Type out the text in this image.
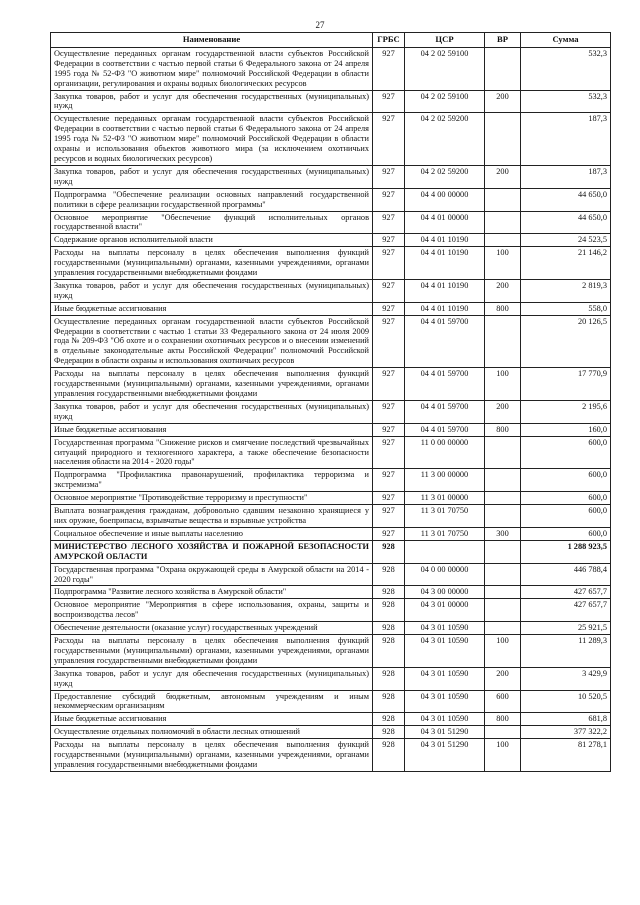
27
Наименование	ГРБС	ЦСР	ВР	Сумма
Осуществление переданных органам государственной власти субъектов Российской Федерации в соответствии с частью первой статьи 6 Федерального закона от 24 апреля 1995 года № 52-ФЗ "О животном мире" полномочий Российской Федерации в области организации, регулирования и охраны водных биологических ресурсов	927	04 2 02 59100		532,3
Закупка товаров, работ и услуг для обеспечения государственных (муниципальных) нужд	927	04 2 02 59100	200	532,3
Осуществление переданных органам государственной власти субъектов Российской Федерации в соответствии с частью первой статьи 6 Федерального закона от 24 апреля 1995 года № 52-ФЗ "О животном мире" полномочий Российской Федерации в области охраны и использования объектов животного мира (за исключением охотничьих ресурсов и водных биологических ресурсов)	927	04 2 02 59200		187,3
Закупка товаров, работ и услуг для обеспечения государственных (муниципальных) нужд	927	04 2 02 59200	200	187,3
Подпрограмма "Обеспечение реализации основных направлений государственной политики в сфере реализации государственной программы"	927	04 4 00 00000		44 650,0
Основное мероприятие "Обеспечение функций исполнительных органов государственной власти"	927	04 4 01 00000		44 650,0
Содержание органов исполнительной власти	927	04 4 01 10190		24 523,5
Расходы на выплаты персоналу в целях обеспечения выполнения функций государственными (муниципальными) органами, казенными учреждениями, органами управления государственными внебюджетными фондами	927	04 4 01 10190	100	21 146,2
Закупка товаров, работ и услуг для обеспечения государственных (муниципальных) нужд	927	04 4 01 10190	200	2 819,3
Иные бюджетные ассигнования	927	04 4 01 10190	800	558,0
Осуществление переданных органам государственной власти субъектов Российской Федерации в соответствии с частью 1 статьи 33 Федерального закона от 24 июля 2009 года № 209-ФЗ "Об охоте и о сохранении охотничьих ресурсов и о внесении изменений в отдельные законодательные акты Российской Федерации" полномочий Российской Федерации в области охраны и использования охотничьих ресурсов	927	04 4 01 59700		20 126,5
Расходы на выплаты персоналу в целях обеспечения выполнения функций государственными (муниципальными) органами, казенными учреждениями, органами управления государственными внебюджетными фондами	927	04 4 01 59700	100	17 770,9
Закупка товаров, работ и услуг для обеспечения государственных (муниципальных) нужд	927	04 4 01 59700	200	2 195,6
Иные бюджетные ассигнования	927	04 4 01 59700	800	160,0
Государственная программа "Снижение рисков и смягчение последствий чрезвычайных ситуаций природного и техногенного характера, а также обеспечение безопасности населения области на 2014 - 2020 годы"	927	11 0 00 00000		600,0
Подпрограмма "Профилактика правонарушений, профилактика терроризма и экстремизма"	927	11 3 00 00000		600,0
Основное мероприятие "Противодействие терроризму и преступности"	927	11 3 01 00000		600,0
Выплата вознаграждения гражданам, добровольно сдавшим незаконно хранящиеся у них оружие, боеприпасы, взрывчатые вещества и взрывные устройства	927	11 3 01 70750		600,0
Социальное обеспечение и иные выплаты населению	927	11 3 01 70750	300	600,0
МИНИСТЕРСТВО ЛЕСНОГО ХОЗЯЙСТВА И ПОЖАРНОЙ БЕЗОПАСНОСТИ АМУРСКОЙ ОБЛАСТИ	928			1 288 923,5
Государственная программа "Охрана окружающей среды в Амурской области на 2014 - 2020 годы"	928	04 0 00 00000		446 788,4
Подпрограмма "Развитие лесного хозяйства в Амурской области"	928	04 3 00 00000		427 657,7
Основное мероприятие "Мероприятия в сфере использования, охраны, защиты и воспроизводства лесов"	928	04 3 01 00000		427 657,7
Обеспечение деятельности (оказание услуг) государственных учреждений	928	04 3 01 10590		25 921,5
Расходы на выплаты персоналу в целях обеспечения выполнения функций государственными (муниципальными) органами, казенными учреждениями, органами управления государственными внебюджетными фондами	928	04 3 01 10590	100	11 289,3
Закупка товаров, работ и услуг для обеспечения государственных (муниципальных) нужд	928	04 3 01 10590	200	3 429,9
Предоставление субсидий бюджетным, автономным учреждениям и иным некоммерческим организациям	928	04 3 01 10590	600	10 520,5
Иные бюджетные ассигнования	928	04 3 01 10590	800	681,8
Осуществление отдельных полномочий в области лесных отношений	928	04 3 01 51290		377 322,2
Расходы на выплаты персоналу в целях обеспечения выполнения функций государственными (муниципальными) органами, казенными учреждениями, органами управления государственными внебюджетными фондами	928	04 3 01 51290	100	81 278,1
